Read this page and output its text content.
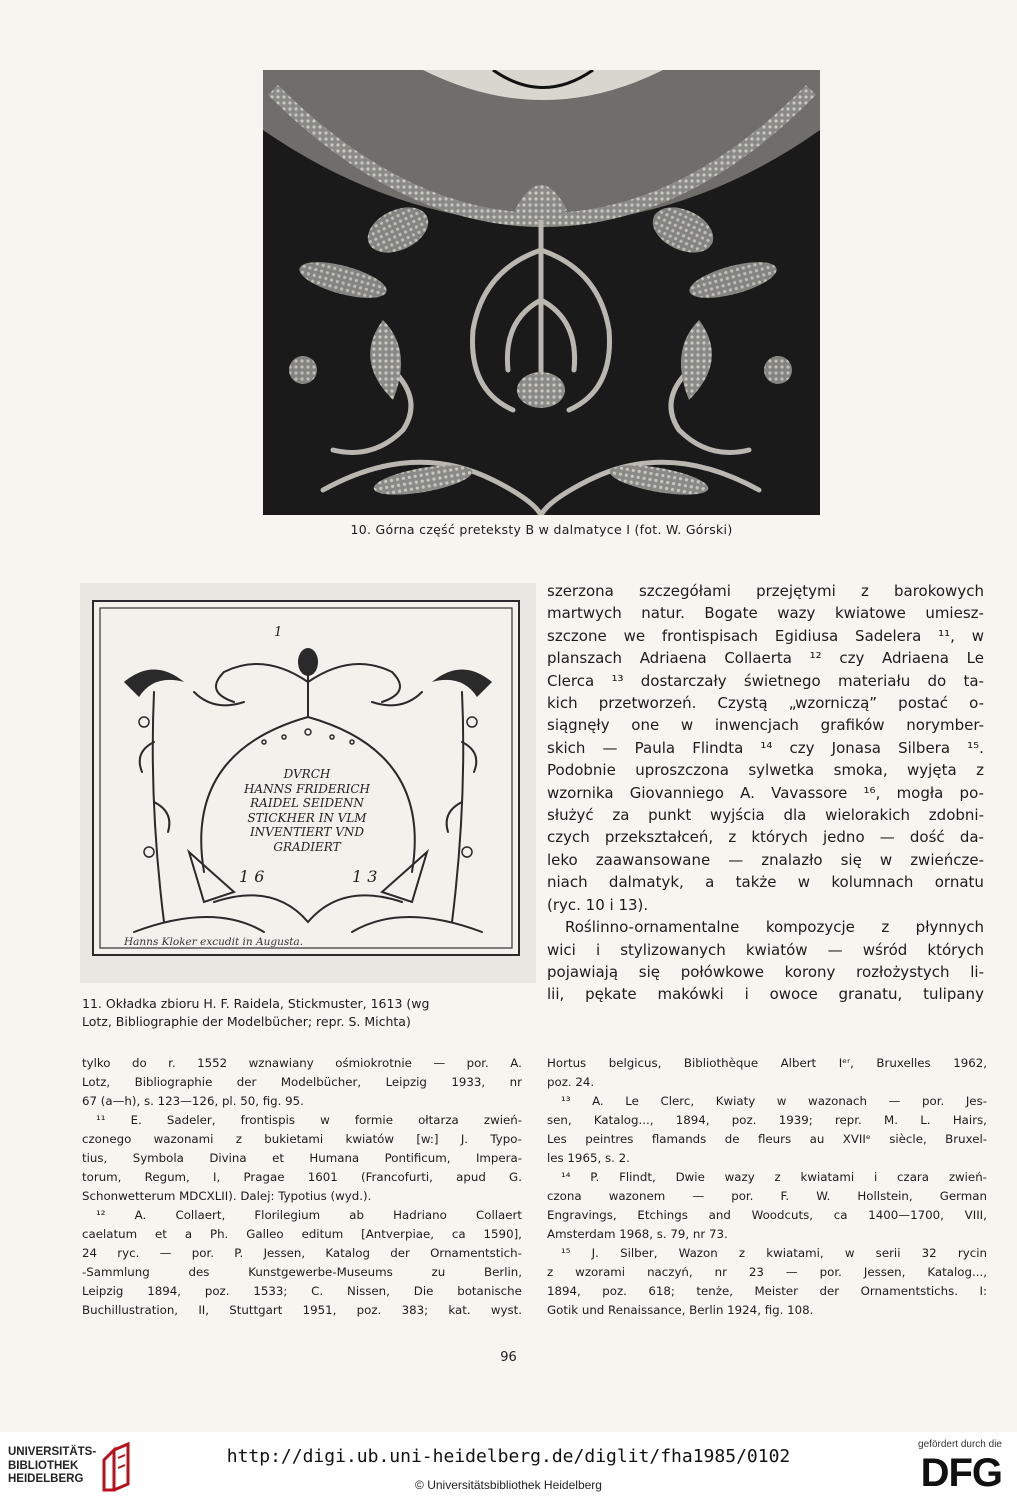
10. Górna część preteksty B w dalmatyce I (fot. W. Górski)
1 6	1 3
1
DVRCH
HANNS FRIDERICH
RAIDEL SEIDENN
STICKHER IN VLM
INVENTIERT VND
GRADIERT
Hanns Kloker excudit in Augusta.
11. Okładka zbioru H. F. Raidela, Stickmuster, 1613 (wg
Lotz, Bibliographie der Modelbücher; repr. S. Michta)
szerzona szczegółami przejętymi z barokowych
martwych natur. Bogate wazy kwiatowe umiesz-
szczone we frontispisach Egidiusa Sadelera ¹¹, w
planszach Adriaena Collaerta ¹² czy Adriaena Le
Clerca ¹³ dostarczały świetnego materiału do ta-
kich przetworzeń. Czystą „wzorniczą” postać o-
siągnęły one w inwencjach grafików norymber-
skich — Paula Flindta ¹⁴ czy Jonasa Silbera ¹⁵.
Podobnie uproszczona sylwetka smoka, wyjęta z
wzornika Giovanniego A. Vavassore ¹⁶, mogła po-
służyć za punkt wyjścia dla wielorakich zdobni-
czych przekształceń, z których jedno — dość da-
leko zaawansowane — znalazło się w zwieńcze-
niach dalmatyk, a także w kolumnach ornatu
(ryc. 10 i 13).
Roślinno-ornamentalne kompozycje z płynnych
wici i stylizowanych kwiatów — wśród których
pojawiają się połówkowe korony rozłożystych li-
lii, pękate makówki i owoce granatu, tulipany
tylko do r. 1552 wznawiany ośmiokrotnie — por. A.
Lotz, Bibliographie der Modelbücher, Leipzig 1933, nr
67 (a—h), s. 123—126, pl. 50, fig. 95.
¹¹ E. Sadeler, frontispis w formie ołtarza zwień-
czonego wazonami z bukietami kwiatów [w:] J. Typo-
tius, Symbola Divina et Humana Pontificum, Impera-
torum, Regum, I, Pragae 1601 (Francofurti, apud G.
Schonwetterum MDCXLII). Dalej: Typotius (wyd.).
¹² A. Collaert, Florilegium ab Hadriano Collaert
caelatum et a Ph. Galleo editum [Antverpiae, ca 1590],
24 ryc. — por. P. Jessen, Katalog der Ornamentstich-
-Sammlung	des	Kunstgewerbe-Museums	zu	Berlin,
Leipzig 1894, poz. 1533; C. Nissen, Die botanische
Buchillustration, II, Stuttgart 1951, poz. 383; kat. wyst.
Hortus belgicus, Bibliothèque Albert Iᵉʳ, Bruxelles 1962,
poz. 24.
¹³ A. Le Clerc, Kwiaty w wazonach — por. Jes-
sen, Katalog..., 1894, poz. 1939; repr. M. L. Hairs,
Les peintres flamands de fleurs au XVIIᵉ siècle, Bruxel-
les 1965, s. 2.
¹⁴ P. Flindt, Dwie wazy z kwiatami i czara zwień-
czona wazonem — por. F. W. Hollstein, German
Engravings, Etchings and Woodcuts, ca 1400—1700, VIII,
Amsterdam 1968, s. 79, nr 73.
¹⁵ J. Silber, Wazon z kwiatami, w serii 32 rycin
z wzorami naczyń, nr 23 — por. Jessen, Katalog...,
1894, poz. 618; tenże, Meister der Ornamentstichs. I:
Gotik und Renaissance, Berlin 1924, fig. 108.
96
UNIVERSITÄTS-
BIBLIOTHEK
HEIDELBERG
http://digi.ub.uni-heidelberg.de/diglit/fha1985/0102
© Universitätsbibliothek Heidelberg
gefördert durch die
DFG
